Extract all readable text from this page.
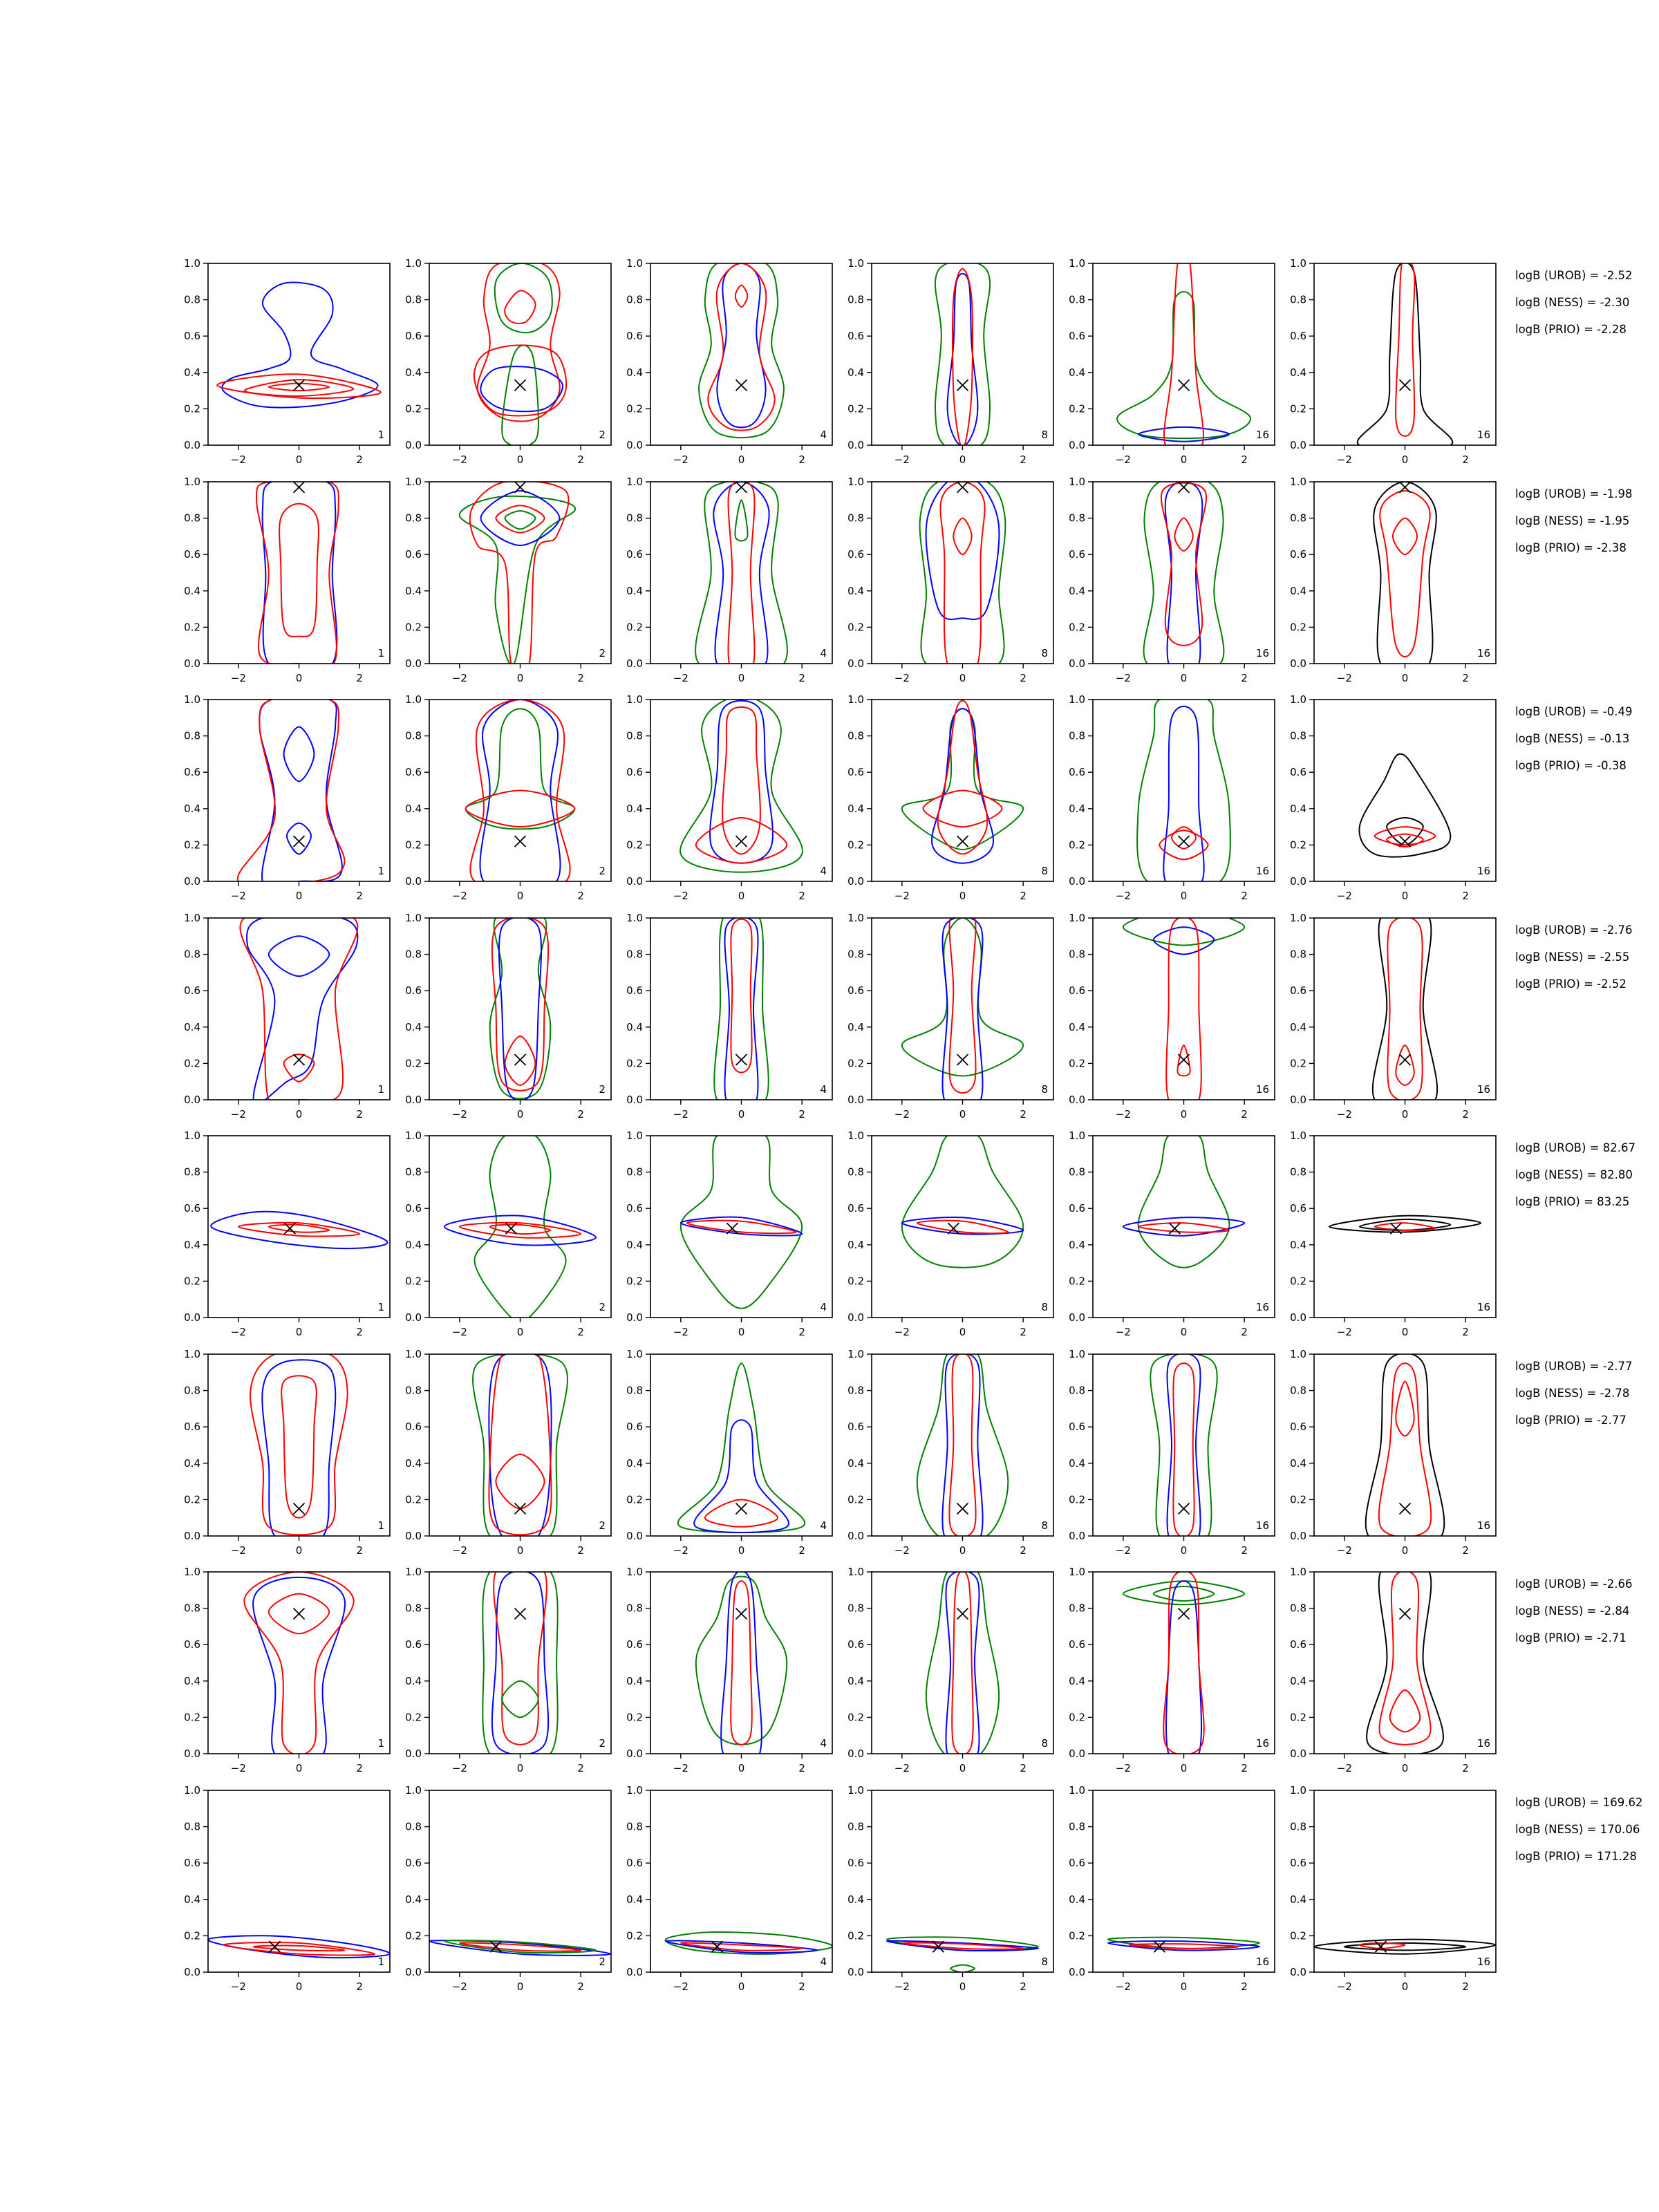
−2	0	2
0.0
0.2
0.4
0.6
0.8
1.0
1
−2	0	2
0.0
0.2
0.4
0.6
0.8
1.0
2
−2	0	2
0.0
0.2
0.4
0.6
0.8
1.0
4
−2	0	2
0.0
0.2
0.4
0.6
0.8
1.0
8
−2	0	2
0.0
0.2
0.4
0.6
0.8
1.0
16
−2	0	2
0.0
0.2
0.4
0.6
0.8
1.0
16
logB (UROB) = -2.52
logB (NESS) = -2.30
logB (PRIO) = -2.28
−2	0	2
0.0
0.2
0.4
0.6
0.8
1.0
1
−2	0	2
0.0
0.2
0.4
0.6
0.8
1.0
2
−2	0	2
0.0
0.2
0.4
0.6
0.8
1.0
4
−2	0	2
0.0
0.2
0.4
0.6
0.8
1.0
8
−2	0	2
0.0
0.2
0.4
0.6
0.8
1.0
16
−2	0	2
0.0
0.2
0.4
0.6
0.8
1.0
16
logB (UROB) = -1.98
logB (NESS) = -1.95
logB (PRIO) = -2.38
−2	0	2
0.0
0.2
0.4
0.6
0.8
1.0
1
−2	0	2
0.0
0.2
0.4
0.6
0.8
1.0
2
−2	0	2
0.0
0.2
0.4
0.6
0.8
1.0
4
−2	0	2
0.0
0.2
0.4
0.6
0.8
1.0
8
−2	0	2
0.0
0.2
0.4
0.6
0.8
1.0
16
−2	0	2
0.0
0.2
0.4
0.6
0.8
1.0
16
logB (UROB) = -0.49
logB (NESS) = -0.13
logB (PRIO) = -0.38
−2	0	2
0.0
0.2
0.4
0.6
0.8
1.0
1
−2	0	2
0.0
0.2
0.4
0.6
0.8
1.0
2
−2	0	2
0.0
0.2
0.4
0.6
0.8
1.0
4
−2	0	2
0.0
0.2
0.4
0.6
0.8
1.0
8
−2	0	2
0.0
0.2
0.4
0.6
0.8
1.0
16
−2	0	2
0.0
0.2
0.4
0.6
0.8
1.0
16
logB (UROB) = -2.76
logB (NESS) = -2.55
logB (PRIO) = -2.52
−2	0	2
0.0
0.2
0.4
0.6
0.8
1.0
1
−2	0	2
0.0
0.2
0.4
0.6
0.8
1.0
2
−2	0	2
0.0
0.2
0.4
0.6
0.8
1.0
4
−2	0	2
0.0
0.2
0.4
0.6
0.8
1.0
8
−2	0	2
0.0
0.2
0.4
0.6
0.8
1.0
16
−2	0	2
0.0
0.2
0.4
0.6
0.8
1.0
16
logB (UROB) = 82.67
logB (NESS) = 82.80
logB (PRIO) = 83.25
−2	0	2
0.0
0.2
0.4
0.6
0.8
1.0
1
−2	0	2
0.0
0.2
0.4
0.6
0.8
1.0
2
−2	0	2
0.0
0.2
0.4
0.6
0.8
1.0
4
−2	0	2
0.0
0.2
0.4
0.6
0.8
1.0
8
−2	0	2
0.0
0.2
0.4
0.6
0.8
1.0
16
−2	0	2
0.0
0.2
0.4
0.6
0.8
1.0
16
logB (UROB) = -2.77
logB (NESS) = -2.78
logB (PRIO) = -2.77
−2	0	2
0.0
0.2
0.4
0.6
0.8
1.0
1
−2	0	2
0.0
0.2
0.4
0.6
0.8
1.0
2
−2	0	2
0.0
0.2
0.4
0.6
0.8
1.0
4
−2	0	2
0.0
0.2
0.4
0.6
0.8
1.0
8
−2	0	2
0.0
0.2
0.4
0.6
0.8
1.0
16
−2	0	2
0.0
0.2
0.4
0.6
0.8
1.0
16
logB (UROB) = -2.66
logB (NESS) = -2.84
logB (PRIO) = -2.71
−2	0	2
0.0
0.2
0.4
0.6
0.8
1.0
1
−2	0	2
0.0
0.2
0.4
0.6
0.8
1.0
2
−2	0	2
0.0
0.2
0.4
0.6
0.8
1.0
4
−2	0	2
0.0
0.2
0.4
0.6
0.8
1.0
8
−2	0	2
0.0
0.2
0.4
0.6
0.8
1.0
16
−2	0	2
0.0
0.2
0.4
0.6
0.8
1.0
16
logB (UROB) = 169.62
logB (NESS) = 170.06
logB (PRIO) = 171.28
